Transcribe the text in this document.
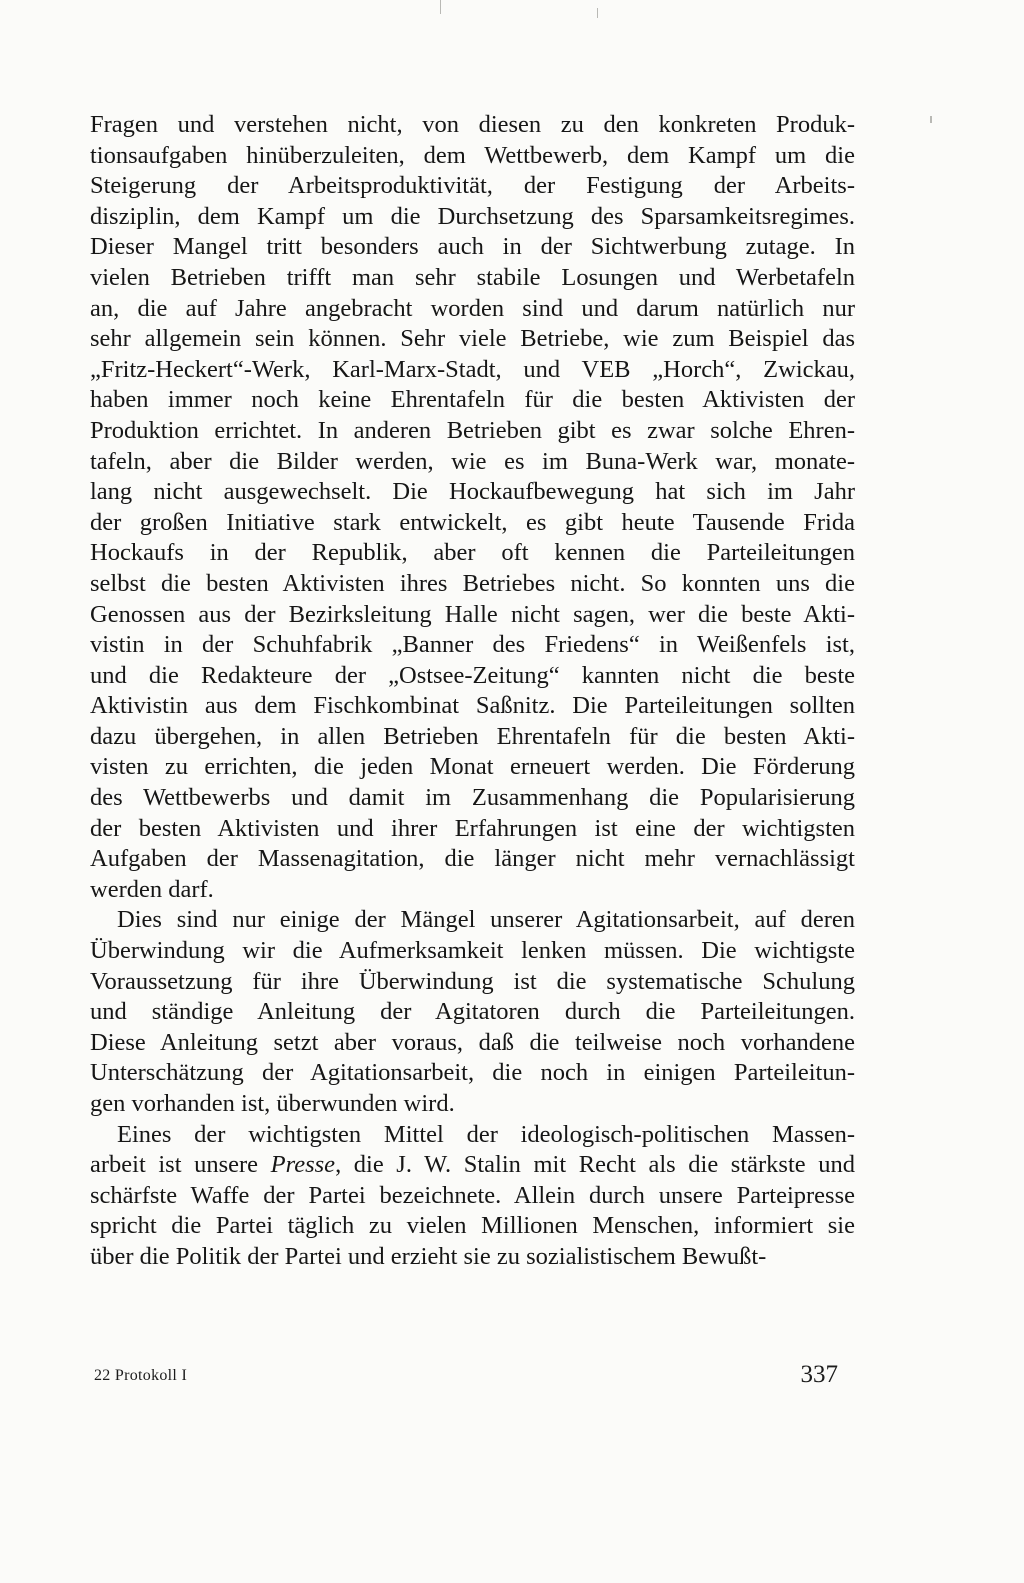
Fragen und verstehen nicht, von diesen zu den konkreten Produk-
tionsaufgaben hinüberzuleiten, dem Wettbewerb, dem Kampf um die
Steigerung der Arbeitsproduktivität, der Festigung der Arbeits-
disziplin, dem Kampf um die Durchsetzung des Sparsamkeitsregimes.
Dieser Mangel tritt besonders auch in der Sichtwerbung zutage. In
vielen Betrieben trifft man sehr stabile Losungen und Werbetafeln
an, die auf Jahre angebracht worden sind und darum natürlich nur
sehr allgemein sein können. Sehr viele Betriebe, wie zum Beispiel das
„Fritz-Heckert“-Werk, Karl-Marx-Stadt, und VEB „Horch“, Zwickau,
haben immer noch keine Ehrentafeln für die besten Aktivisten der
Produktion errichtet. In anderen Betrieben gibt es zwar solche Ehren-
tafeln, aber die Bilder werden, wie es im Buna-Werk war, monate-
lang nicht ausgewechselt. Die Hockaufbewegung hat sich im Jahr
der großen Initiative stark entwickelt, es gibt heute Tausende Frida
Hockaufs in der Republik, aber oft kennen die Parteileitungen
selbst die besten Aktivisten ihres Betriebes nicht. So konnten uns die
Genossen aus der Bezirksleitung Halle nicht sagen, wer die beste Akti-
vistin in der Schuhfabrik „Banner des Friedens“ in Weißenfels ist,
und die Redakteure der „Ostsee-Zeitung“ kannten nicht die beste
Aktivistin aus dem Fischkombinat Saßnitz. Die Parteileitungen sollten
dazu übergehen, in allen Betrieben Ehrentafeln für die besten Akti-
visten zu errichten, die jeden Monat erneuert werden. Die Förderung
des Wettbewerbs und damit im Zusammenhang die Popularisierung
der besten Aktivisten und ihrer Erfahrungen ist eine der wichtigsten
Aufgaben der Massenagitation, die länger nicht mehr vernachlässigt
werden darf.
Dies sind nur einige der Mängel unserer Agitationsarbeit, auf deren
Überwindung wir die Aufmerksamkeit lenken müssen. Die wichtigste
Voraussetzung für ihre Überwindung ist die systematische Schulung
und ständige Anleitung der Agitatoren durch die Parteileitungen.
Diese Anleitung setzt aber voraus, daß die teilweise noch vorhandene
Unterschätzung der Agitationsarbeit, die noch in einigen Parteileitun-
gen vorhanden ist, überwunden wird.
Eines der wichtigsten Mittel der ideologisch-politischen Massen-
arbeit ist unsere Presse, die J. W. Stalin mit Recht als die stärkste und
schärfste Waffe der Partei bezeichnete. Allein durch unsere Parteipresse
spricht die Partei täglich zu vielen Millionen Menschen, informiert sie
über die Politik der Partei und erzieht sie zu sozialistischem Bewußt-
22 Protokoll I	337
